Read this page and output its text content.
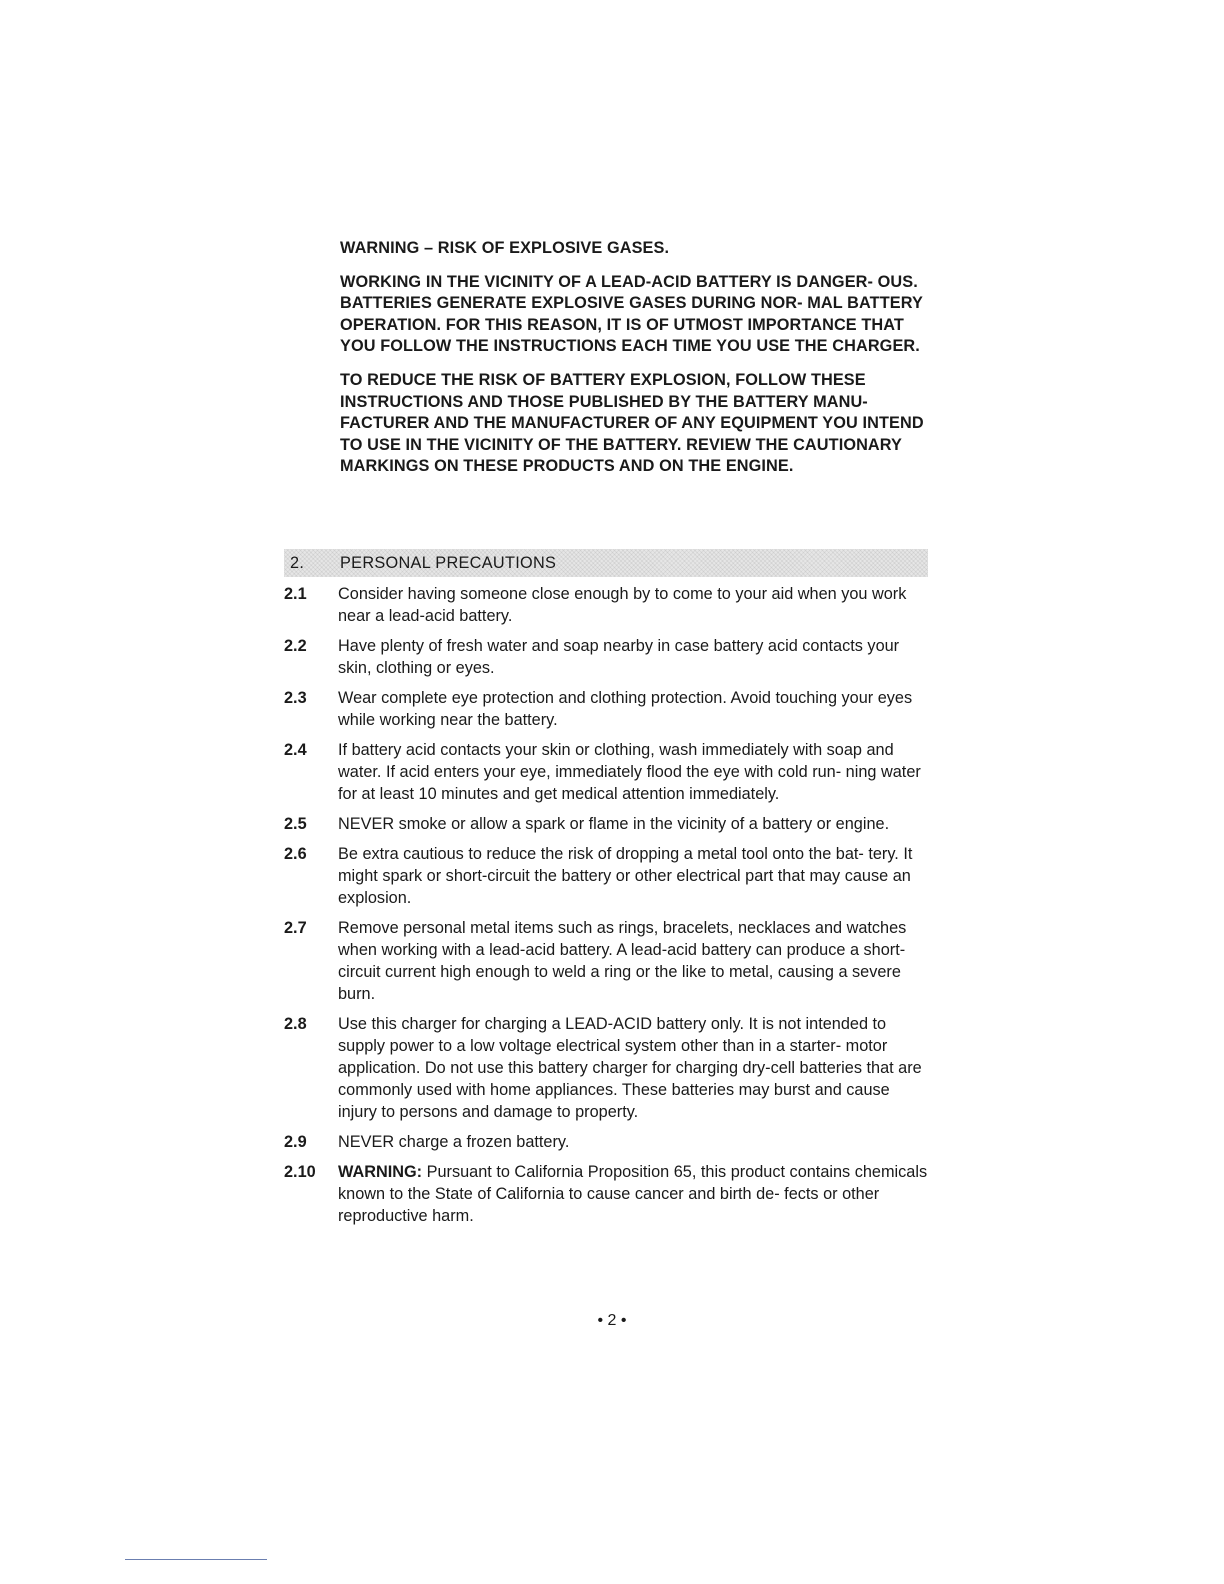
WARNING – RISK OF EXPLOSIVE GASES.

WORKING IN THE VICINITY OF A LEAD-ACID BATTERY IS DANGER- OUS. BATTERIES GENERATE EXPLOSIVE GASES DURING NOR- MAL BATTERY OPERATION. FOR THIS REASON, IT IS OF UTMOST IMPORTANCE THAT YOU FOLLOW THE INSTRUCTIONS EACH TIME YOU USE THE CHARGER.

TO REDUCE THE RISK OF BATTERY EXPLOSION, FOLLOW THESE INSTRUCTIONS AND THOSE PUBLISHED BY THE BATTERY MANU- FACTURER AND THE MANUFACTURER OF ANY EQUIPMENT YOU INTEND TO USE IN THE VICINITY OF THE BATTERY. REVIEW THE CAUTIONARY MARKINGS ON THESE PRODUCTS AND ON THE ENGINE.

2.	PERSONAL PRECAUTIONS
2.1	Consider having someone close enough by to come to your aid when you work near a lead-acid battery.
2.2	Have plenty of fresh water and soap nearby in case battery acid contacts your skin, clothing or eyes.
2.3	Wear complete eye protection and clothing protection. Avoid touching your eyes while working near the battery.
2.4	If battery acid contacts your skin or clothing, wash immediately with soap and water. If acid enters your eye, immediately flood the eye with cold run- ning water for at least 10 minutes and get medical attention immediately.
2.5	NEVER smoke or allow a spark or flame in the vicinity of a battery or engine.
2.6	Be extra cautious to reduce the risk of dropping a metal tool onto the bat- tery. It might spark or short-circuit the battery or other electrical part that may cause an explosion.
2.7	Remove personal metal items such as rings, bracelets, necklaces and watches when working with a lead-acid battery. A lead-acid battery can produce a short-circuit current high enough to weld a ring or the like to metal, causing a severe burn.
2.8	Use this charger for charging a LEAD-ACID battery only. It is not intended to supply power to a low voltage electrical system other than in a starter- motor application. Do not use this battery charger for charging dry-cell batteries that are commonly used with home appliances. These batteries may burst and cause injury to persons and damage to property.
2.9	NEVER charge a frozen battery.
2.10	WARNING: Pursuant to California Proposition 65, this product contains chemicals known to the State of California to cause cancer and birth de- fects or other reproductive harm.
• 2 •
